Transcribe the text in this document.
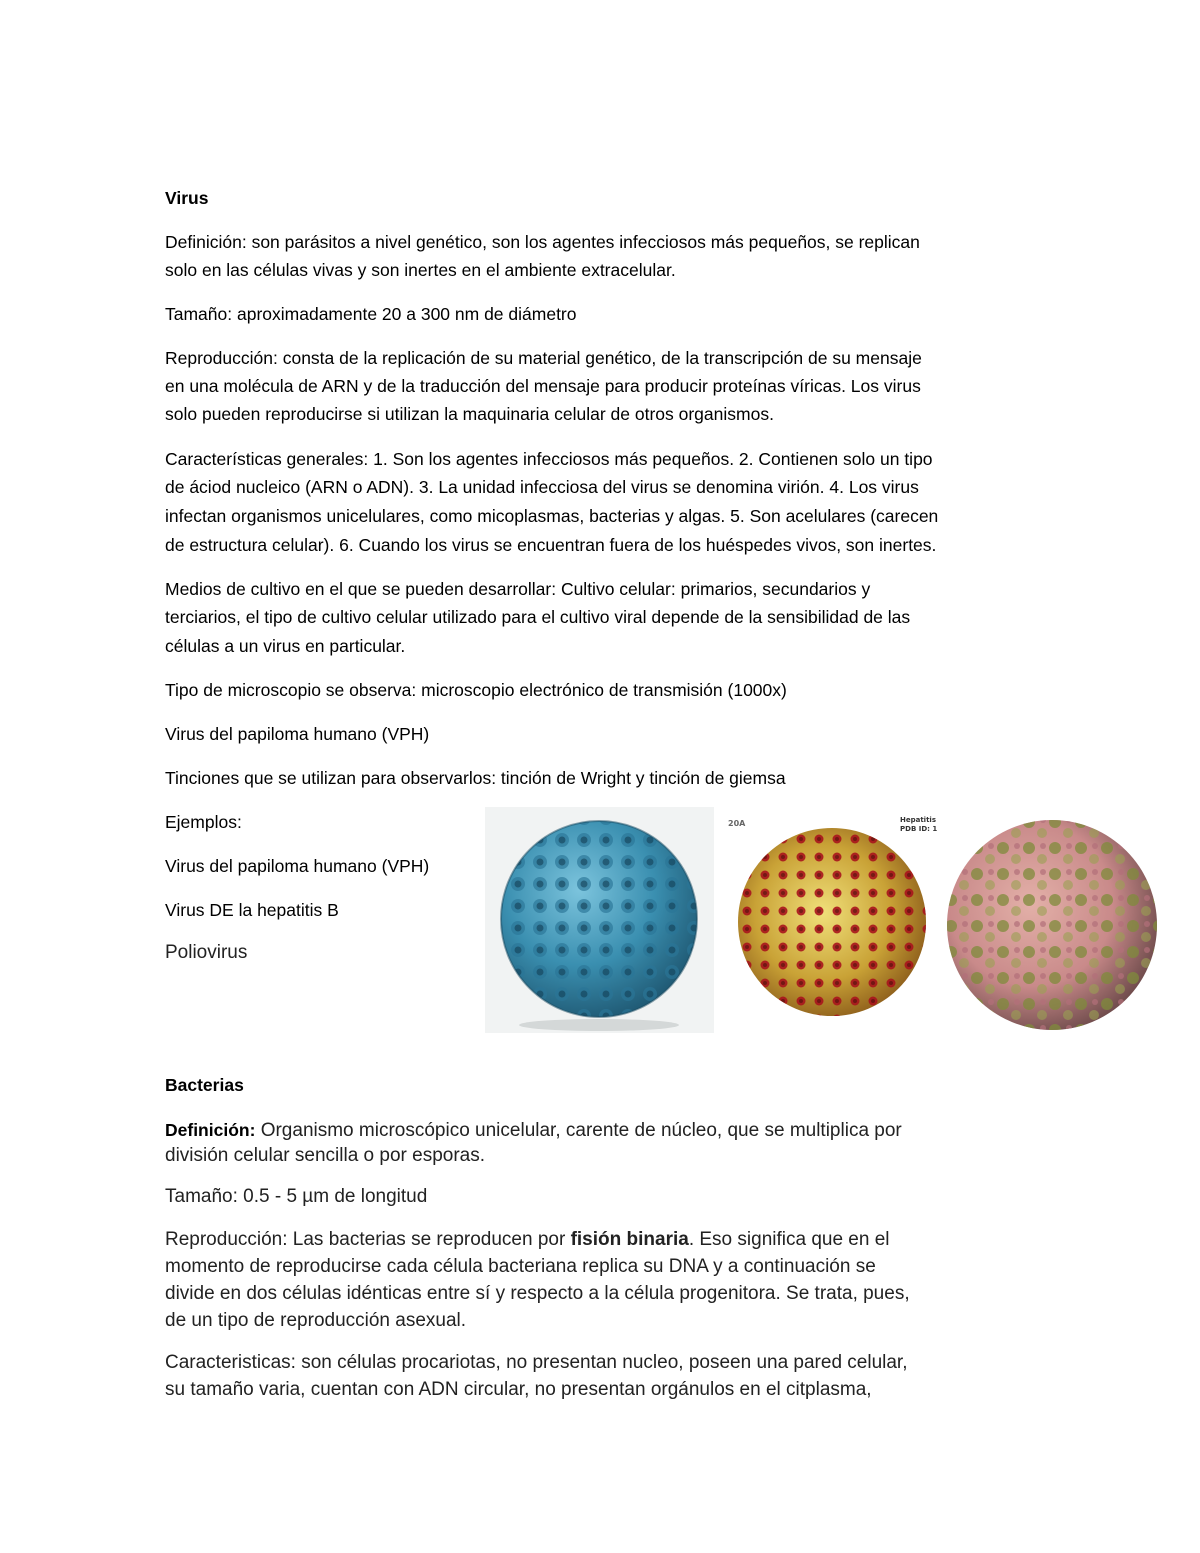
Virus
Definición: son parásitos a nivel genético, son los agentes infecciosos más pequeños, se replican
solo en las células vivas y son inertes en el ambiente extracelular.
Tamaño: aproximadamente 20 a 300 nm de diámetro
Reproducción: consta de la replicación de su material genético, de la transcripción de su mensaje
en una molécula de ARN y de la traducción del mensaje para producir proteínas víricas. Los virus
solo pueden reproducirse si utilizan la maquinaria celular de otros organismos.
Características generales: 1. Son los agentes infecciosos más pequeños. 2. Contienen solo un tipo
de áciod nucleico (ARN o ADN). 3. La unidad infecciosa del virus se denomina virión. 4. Los virus
infectan organismos unicelulares, como micoplasmas, bacterias y algas. 5. Son acelulares (carecen
de estructura celular). 6. Cuando los virus se encuentran fuera de los huéspedes vivos, son inertes.
Medios de cultivo en el que se pueden desarrollar: Cultivo celular: primarios, secundarios y
terciarios, el tipo de cultivo celular utilizado para el cultivo viral depende de la sensibilidad de las
células a un virus en particular.
Tipo de microscopio se observa: microscopio electrónico de transmisión (1000x)
Virus del papiloma humano (VPH)
Tinciones que se utilizan para observarlos: tinción de Wright y tinción de giemsa
Ejemplos:
Virus del papiloma humano (VPH)
Virus DE la hepatitis B
Poliovirus
20A	Hepatitis
PDB ID: 1
Bacterias
Definición: Organismo microscópico unicelular, carente de núcleo, que se multiplica por
división celular sencilla o por esporas.
Tamaño: 0.5 - 5 µm de longitud
Reproducción: Las bacterias se reproducen por fisión binaria. Eso significa que en el
momento de reproducirse cada célula bacteriana replica su DNA y a continuación se
divide en dos células idénticas entre sí y respecto a la célula progenitora. Se trata, pues,
de un tipo de reproducción asexual.
Caracteristicas: son células procariotas, no presentan nucleo, poseen una pared celular,
su tamaño varia, cuentan con ADN circular, no presentan orgánulos en el citplasma,
